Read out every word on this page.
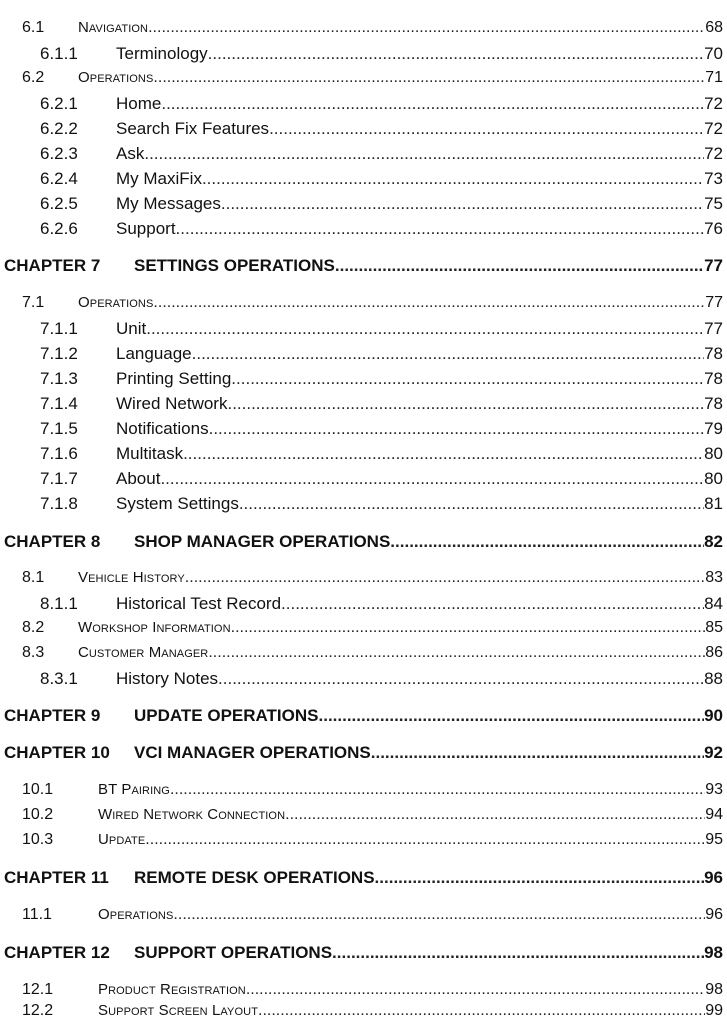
6.1	Navigation .....	68
6.1.1	Terminology .....	70
6.2	Operations .....	71
6.2.1	Home .....	72
6.2.2	Search Fix Features .....	72
6.2.3	Ask .....	72
6.2.4	My MaxiFix .....	73
6.2.5	My Messages .....	75
6.2.6	Support .....	76
CHAPTER 7	SETTINGS OPERATIONS .....	77
7.1	Operations .....	77
7.1.1	Unit .....	77
7.1.2	Language .....	78
7.1.3	Printing Setting .....	78
7.1.4	Wired Network .....	78
7.1.5	Notifications .....	79
7.1.6	Multitask .....	80
7.1.7	About .....	80
7.1.8	System Settings .....	81
CHAPTER 8	SHOP MANAGER OPERATIONS .....	82
8.1	Vehicle History .....	83
8.1.1	Historical Test Record .....	84
8.2	Workshop Information .....	85
8.3	Customer Manager .....	86
8.3.1	History Notes .....	88
CHAPTER 9	UPDATE OPERATIONS .....	90
CHAPTER 10	VCI MANAGER OPERATIONS .....	92
10.1	BT Pairing .....	93
10.2	Wired Network Connection .....	94
10.3	Update .....	95
CHAPTER 11	REMOTE DESK OPERATIONS .....	96
11.1	Operations .....	96
CHAPTER 12	SUPPORT OPERATIONS .....	98
12.1	Product Registration .....	98
12.2	Support Screen Layout .....	99
